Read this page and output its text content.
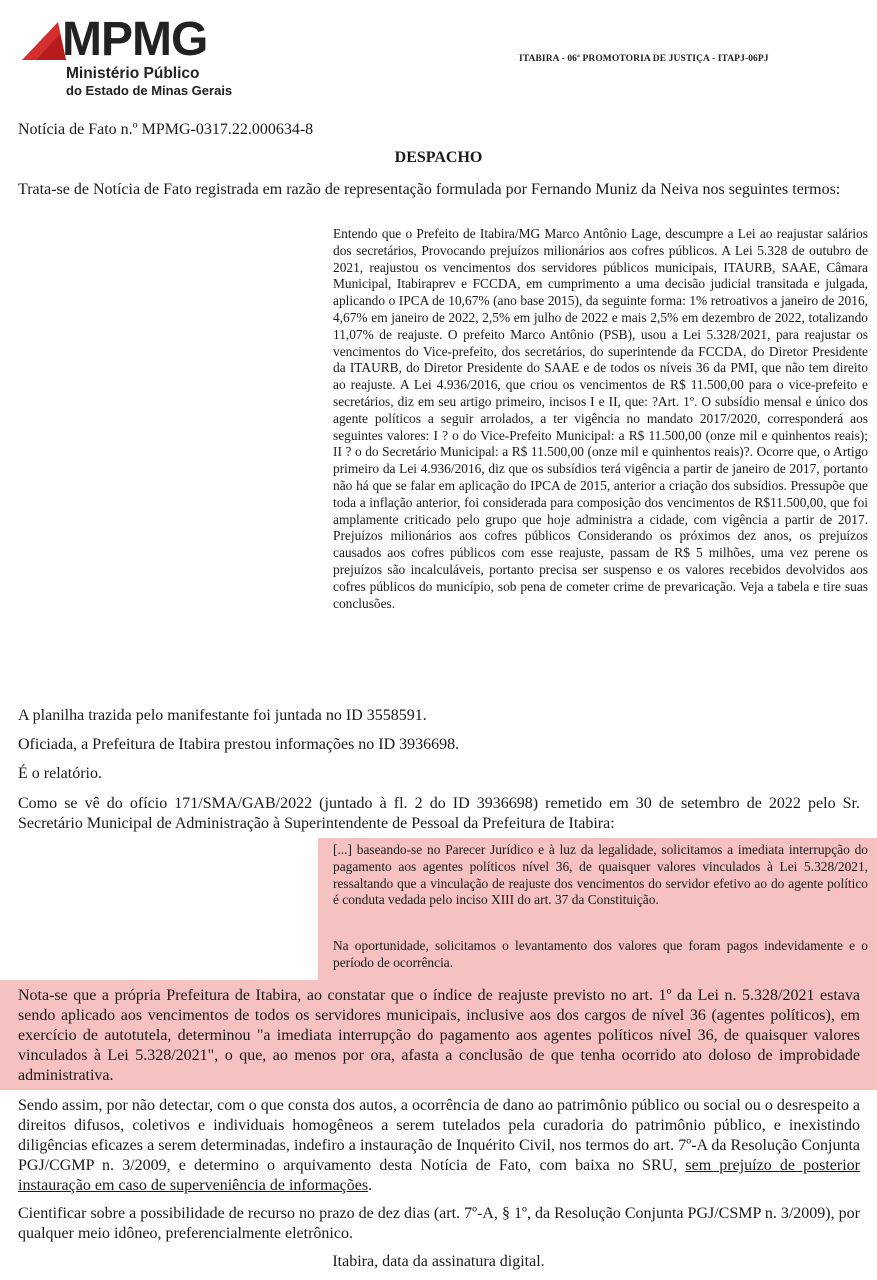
MPMG
Ministério Público
do Estado de Minas Gerais
ITABIRA - 06ª PROMOTORIA DE JUSTIÇA - ITAPJ-06PJ

Notícia de Fato n.º MPMG-0317.22.000634-8

DESPACHO

Trata-se de Notícia de Fato registrada em razão de representação formulada por Fernando Muniz da Neiva nos seguintes termos:

Entendo que o Prefeito de Itabira/MG Marco Antônio Lage, descumpre a Lei ao reajustar salários dos secretários, Provocando prejuízos milionários aos cofres públicos. A Lei 5.328 de outubro de 2021, reajustou os vencimentos dos servidores públicos municipais, ITAURB, SAAE, Câmara Municipal, Itabiraprev e FCCDA, em cumprimento a uma decisão judicial transitada e julgada, aplicando o IPCA de 10,67% (ano base 2015), da seguinte forma: 1% retroativos a janeiro de 2016, 4,67% em janeiro de 2022, 2,5% em julho de 2022 e mais 2,5% em dezembro de 2022, totalizando 11,07% de reajuste. O prefeito Marco Antônio (PSB), usou a Lei 5.328/2021, para reajustar os vencimentos do Vice-prefeito, dos secretários, do superintende da FCCDA, do Diretor Presidente da ITAURB, do Diretor Presidente do SAAE e de todos os níveis 36 da PMI, que não tem direito ao reajuste. A Lei 4.936/2016, que criou os vencimentos de R$ 11.500,00 para o vice-prefeito e secretários, diz em seu artigo primeiro, incisos I e II, que: ?Art. 1º. O subsídio mensal e único dos agente políticos a seguir arrolados, a ter vigência no mandato 2017/2020, corresponderá aos seguintes valores: I ? o do Vice-Prefeito Municipal: a R$ 11.500,00 (onze mil e quinhentos reais); II ? o do Secretário Municipal: a R$ 11.500,00 (onze mil e quinhentos reais)?. Ocorre que, o Artigo primeiro da Lei 4.936/2016, diz que os subsídios terá vigência a partir de janeiro de 2017, portanto não há que se falar em aplicação do IPCA de 2015, anterior a criação dos subsídios. Pressupõe que toda a inflação anterior, foi considerada para composição dos vencimentos de R$11.500,00, que foi amplamente criticado pelo grupo que hoje administra a cidade, com vigência a partir de 2017. Prejuízos milionários aos cofres públicos Considerando os próximos dez anos, os prejuízos causados aos cofres públicos com esse reajuste, passam de R$ 5 milhões, uma vez perene os prejuízos são incalculáveis, portanto precisa ser suspenso e os valores recebidos devolvidos aos cofres públicos do município, sob pena de cometer crime de prevaricação. Veja a tabela e tire suas conclusões.

A planilha trazida pelo manifestante foi juntada no ID 3558591.

Oficiada, a Prefeitura de Itabira prestou informações no ID 3936698.

É o relatório.

Como se vê do ofício 171/SMA/GAB/2022 (juntado à fl. 2 do ID 3936698) remetido em 30 de setembro de 2022 pelo Sr. Secretário Municipal de Administração à Superintendente de Pessoal da Prefeitura de Itabira:

[...] baseando-se no Parecer Jurídico e à luz da legalidade, solicitamos a imediata interrupção do pagamento aos agentes políticos nível 36, de quaisquer valores vinculados à Lei 5.328/2021, ressaltando que a vinculação de reajuste dos vencimentos do servidor efetivo ao do agente político é conduta vedada pelo inciso XIII do art. 37 da Constituição.

Na oportunidade, solicitamos o levantamento dos valores que foram pagos indevidamente e o período de ocorrência.

Nota-se que a própria Prefeitura de Itabira, ao constatar que o índice de reajuste previsto no art. 1º da Lei n. 5.328/2021 estava sendo aplicado aos vencimentos de todos os servidores municipais, inclusive aos dos cargos de nível 36 (agentes políticos), em exercício de autotutela, determinou "a imediata interrupção do pagamento aos agentes políticos nível 36, de quaisquer valores vinculados à Lei 5.328/2021", o que, ao menos por ora, afasta a conclusão de que tenha ocorrido ato doloso de improbidade administrativa.

Sendo assim, por não detectar, com o que consta dos autos, a ocorrência de dano ao patrimônio público ou social ou o desrespeito a direitos difusos, coletivos e individuais homogêneos a serem tutelados pela curadoria do patrimônio público, e inexistindo diligências eficazes a serem determinadas, indefiro a instauração de Inquérito Civil, nos termos do art. 7º-A da Resolução Conjunta PGJ/CGMP n. 3/2009, e determino o arquivamento desta Notícia de Fato, com baixa no SRU, sem prejuízo de posterior instauração em caso de superveniência de informações.

Cientificar sobre a possibilidade de recurso no prazo de dez dias (art. 7º-A, § 1º, da Resolução Conjunta PGJ/CSMP n. 3/2009), por qualquer meio idôneo, preferencialmente eletrônico.

Itabira, data da assinatura digital.
